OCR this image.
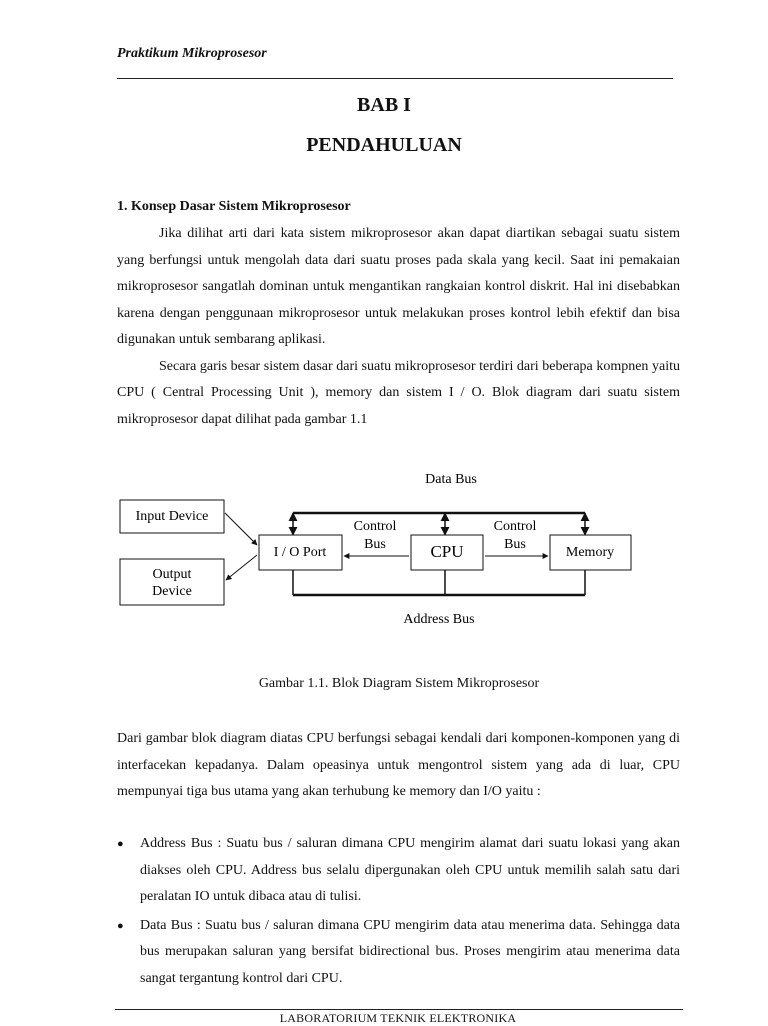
Praktikum Mikroprosesor
BAB I
PENDAHULUAN
1. Konsep Dasar Sistem Mikroprosesor

Jika dilihat arti dari kata sistem mikroprosesor akan dapat diartikan sebagai suatu sistem yang berfungsi untuk mengolah data dari suatu proses pada skala yang kecil. Saat ini pemakaian mikroprosesor sangatlah dominan untuk mengantikan rangkaian kontrol diskrit. Hal ini disebabkan karena dengan penggunaan mikroprosesor untuk melakukan proses kontrol lebih efektif dan bisa digunakan untuk sembarang aplikasi.

Secara garis besar sistem dasar dari suatu mikroprosesor terdiri dari beberapa kompnen yaitu CPU ( Central Processing Unit ), memory dan sistem I / O. Blok diagram dari suatu sistem mikroprosesor dapat dilihat pada gambar 1.1

Data Bus
Address Bus
Input Device
Output
Device
I / O Port	CPU	Memory
Control
Bus
Control
Bus
Gambar 1.1. Blok Diagram Sistem Mikroprosesor
Dari gambar blok diagram diatas CPU berfungsi sebagai kendali dari komponen-komponen yang di interfacekan kepadanya. Dalam opeasinya untuk mengontrol sistem yang ada di luar, CPU mempunyai tiga bus utama yang akan terhubung ke memory dan I/O yaitu :
● Address Bus : Suatu bus / saluran dimana CPU mengirim alamat dari suatu lokasi yang akan diakses oleh CPU. Address bus selalu dipergunakan oleh CPU untuk memilih salah satu dari peralatan IO untuk dibaca atau di tulisi.
● Data Bus : Suatu bus / saluran dimana CPU mengirim data atau menerima data. Sehingga data bus merupakan saluran yang bersifat bidirectional bus. Proses mengirim atau menerima data sangat tergantung kontrol dari CPU.
LABORATORIUM TEKNIK ELEKTRONIKA
